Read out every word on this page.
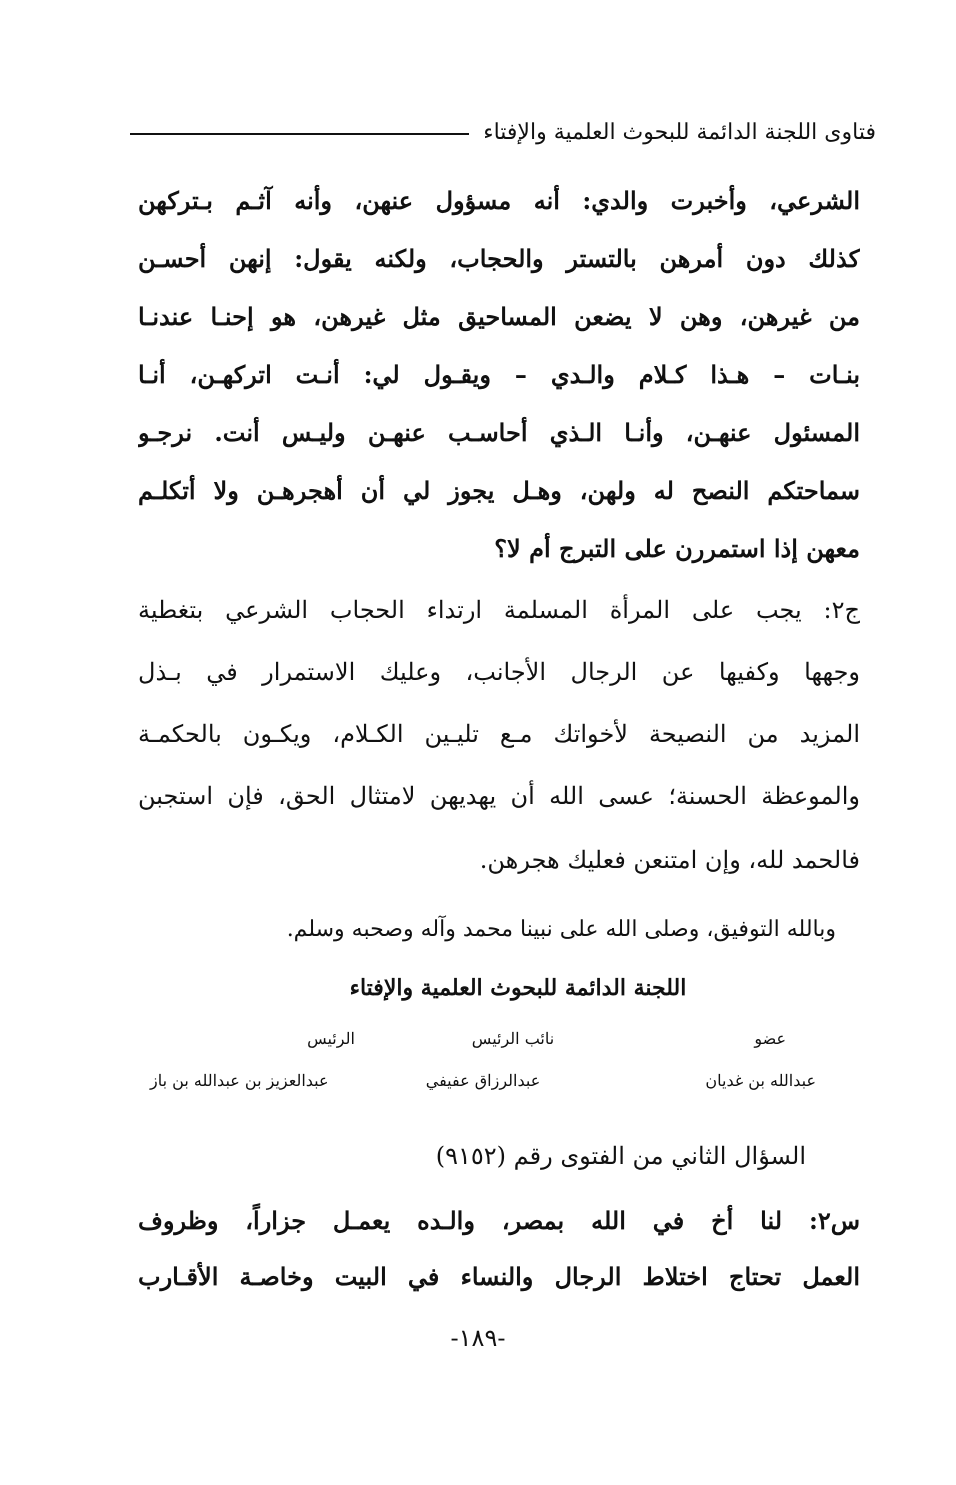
فتاوى اللجنة الدائمة للبحوث العلمية والإفتاء
الشرعي، وأخبرت والدي: أنه مسؤول عنهن، وأنه آثـم بـترکهن
كذلك دون أمرهن بالتستر والحجاب، ولكنه يقول: إنهن أحسـن
من غيرهن، وهن لا يضعن المساحيق مثل غيرهن، هو إحنـا عندنـا
بنـات – هـذا كـلام والـدي – ويقـول لي: أنـت اتركهـن، أنـا
المسئول عنهـن، وأنـا الـذي أحاسـب عنهـن وليـس أنت. نرجـو
سماحتكم النصح له ولهن، وهـل يجوز لي أن أهجرهـن ولا أتكلـم
معهن إذا استمررن على التبرج أم لا؟
ج٢: يجب على المرأة المسلمة ارتداء الحجاب الشرعي بتغطية
وجهها وكفيها عن الرجال الأجانب، وعليك الاستمرار في بـذل
المزيد من النصيحة لأخواتك مـع تليـين الكـلام، ويكـون بالحكمـة
والموعظة الحسنة؛ عسى الله أن يهديهن لامتثال الحق، فإن استجبن
فالحمد لله، وإن امتنعن فعليك هجرهن.
وبالله التوفيق، وصلى الله على نبينا محمد وآله وصحبه وسلم.
اللجنة الدائمة للبحوث العلمية والإفتاء
عضو
نائب الرئيس
الرئيس
عبدالله بن غديان
عبدالرزاق عفيفي
عبدالعزيز بن عبدالله بن باز
السؤال الثاني من الفتوى رقم (٩١٥٢)
س٢: لنا أخ في الله بمصر، والـده يعمـل جزاراً، وظروف
العمل تحتاج اختلاط الرجال والنساء في البيت وخاصـة الأقـارب
-١٨٩-
